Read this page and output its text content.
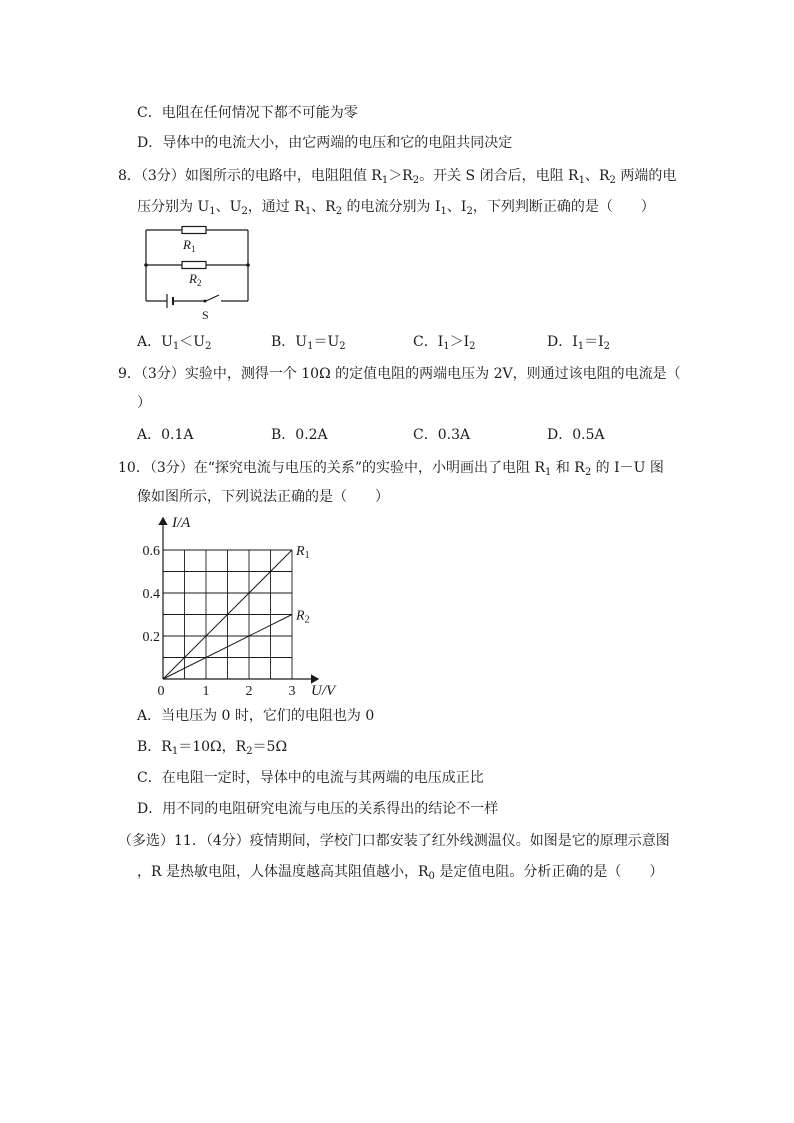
C．电阻在任何情况下都不可能为零
D．导体中的电流大小，由它两端的电压和它的电阻共同决定
8．（3分）如图所示的电路中，电阻阻值 $R_1>R_2$。开关 S 闭合后，电阻 $R_1$、$R_2$ 两端的电
压分别为 $U_1$、$U_2$，通过 $R_1$、$R_2$ 的电流分别为 $I_1$、$I_2$，下列判断正确的是（　　）
$R_1$
$R_2$
S
A．$U_1<U_2$	B．$U_1=U_2$	C．$I_1>I_2$	D．$I_1=I_2$
9．（3分）实验中，测得一个 10Ω 的定值电阻的两端电压为 2V，则通过该电阻的电流是（
）
A．0.1A	B．0.2A	C．0.3A	D．0.5A
10．（3分）在“探究电流与电压的关系”的实验中，小明画出了电阻 $R_1$ 和 $R_2$ 的 I－U 图
像如图所示，下列说法正确的是（　　）
$R_1$
$R_2$
0	1	2	3
0.2
0.4
0.6
I/A
U/V
A．当电压为 0 时，它们的电阻也为 0
B．$R_1=10\Omega$，$R_2=5\Omega$
C．在电阻一定时，导体中的电流与其两端的电压成正比
D．用不同的电阻研究电流与电压的关系得出的结论不一样
（多选）11．（4分）疫情期间，学校门口都安装了红外线测温仪。如图是它的原理示意图
，R 是热敏电阻，人体温度越高其阻值越小，$R_0$ 是定值电阻。分析正确的是（　　）
